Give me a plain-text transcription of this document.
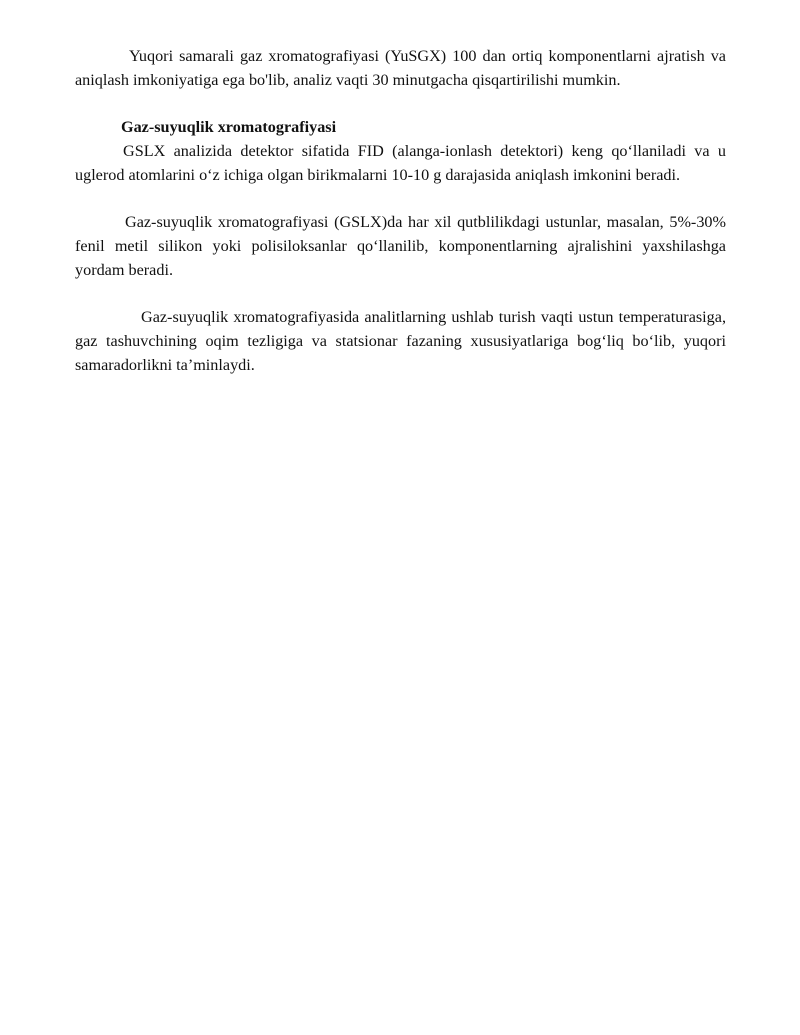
Yuqori samarali gaz xromatografiyasi (YuSGX) 100 dan ortiq komponentlarni ajratish va aniqlash imkoniyatiga ega bo'lib, analiz vaqti 30 minutgacha qisqartirilishi mumkin.

Gaz-suyuqlik xromatografiyasi

GSLX analizida detektor sifatida FID (alanga-ionlash detektori) keng qo‘llaniladi va u uglerod atomlarini o‘z ichiga olgan birikmalarni 10-10 g darajasida aniqlash imkonini beradi.

Gaz-suyuqlik xromatografiyasi (GSLX)da har xil qutblilikdagi ustunlar, masalan, 5%-30% fenil metil silikon yoki polisiloksanlar qo‘llanilib, komponentlarning ajralishini yaxshilashga yordam beradi.

Gaz-suyuqlik xromatografiyasida analitlarning ushlab turish vaqti ustun temperaturasiga, gaz tashuvchining oqim tezligiga va statsionar fazaning xususiyatlariga bog‘liq bo‘lib, yuqori samaradorlikni ta’minlaydi.
